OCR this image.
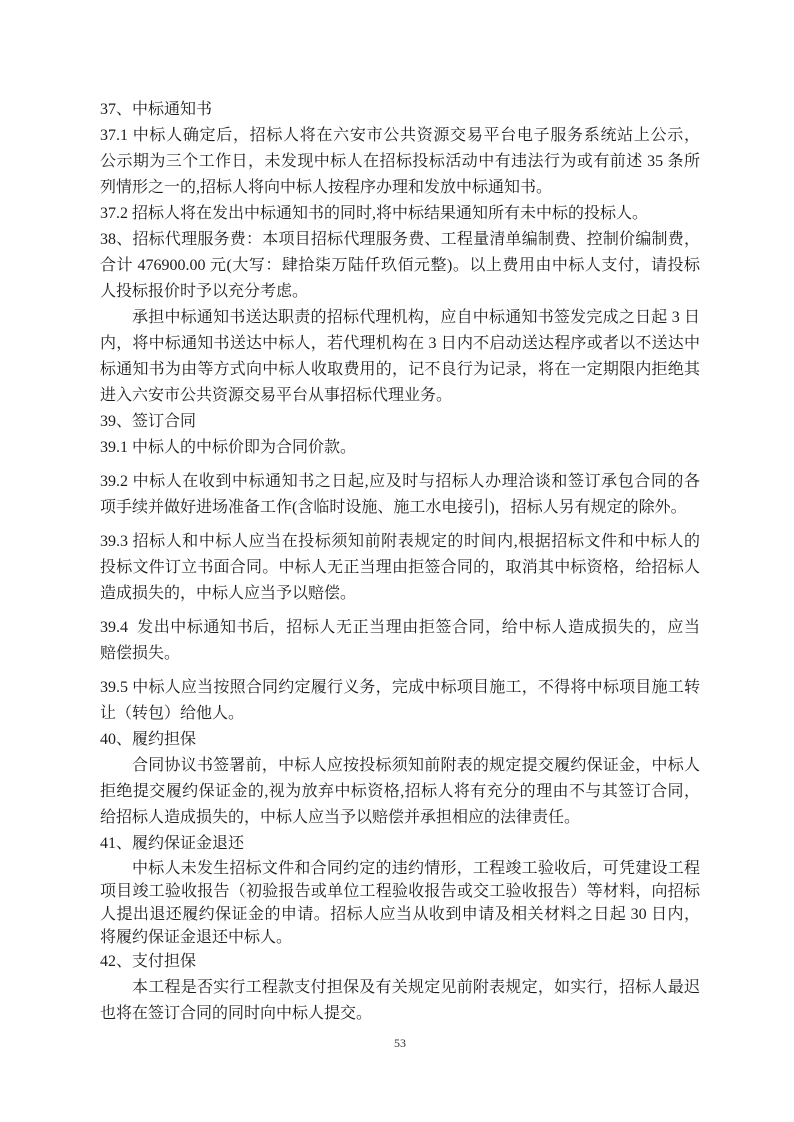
37、中标通知书
37.1 中标人确定后，招标人将在六安市公共资源交易平台电子服务系统站上公示，
公示期为三个工作日，未发现中标人在招标投标活动中有违法行为或有前述 35 条所
列情形之一的,招标人将向中标人按程序办理和发放中标通知书。
37.2 招标人将在发出中标通知书的同时,将中标结果通知所有未中标的投标人。
38、招标代理服务费：本项目招标代理服务费、工程量清单编制费、控制价编制费，
合计 476900.00 元(大写：肆拾柒万陆仟玖佰元整)。以上费用由中标人支付，请投标
人投标报价时予以充分考虑。
承担中标通知书送达职责的招标代理机构，应自中标通知书签发完成之日起 3 日
内，将中标通知书送达中标人，若代理机构在 3 日内不启动送达程序或者以不送达中
标通知书为由等方式向中标人收取费用的，记不良行为记录，将在一定期限内拒绝其
进入六安市公共资源交易平台从事招标代理业务。
39、签订合同
39.1 中标人的中标价即为合同价款。
39.2 中标人在收到中标通知书之日起,应及时与招标人办理洽谈和签订承包合同的各
项手续并做好进场准备工作(含临时设施、施工水电接引)，招标人另有规定的除外。
39.3 招标人和中标人应当在投标须知前附表规定的时间内,根据招标文件和中标人的
投标文件订立书面合同。中标人无正当理由拒签合同的，取消其中标资格，给招标人
造成损失的，中标人应当予以赔偿。
39.4  发出中标通知书后，招标人无正当理由拒签合同，给中标人造成损失的，应当
赔偿损失。
39.5 中标人应当按照合同约定履行义务，完成中标项目施工，不得将中标项目施工转
让（转包）给他人。
40、履约担保
合同协议书签署前，中标人应按投标须知前附表的规定提交履约保证金，中标人
拒绝提交履约保证金的,视为放弃中标资格,招标人将有充分的理由不与其签订合同，
给招标人造成损失的，中标人应当予以赔偿并承担相应的法律责任。
41、履约保证金退还
中标人未发生招标文件和合同约定的违约情形，工程竣工验收后，可凭建设工程
项目竣工验收报告（初验报告或单位工程验收报告或交工验收报告）等材料，向招标
人提出退还履约保证金的申请。招标人应当从收到申请及相关材料之日起 30 日内，
将履约保证金退还中标人。
42、支付担保
本工程是否实行工程款支付担保及有关规定见前附表规定，如实行，招标人最迟
也将在签订合同的同时向中标人提交。
53
